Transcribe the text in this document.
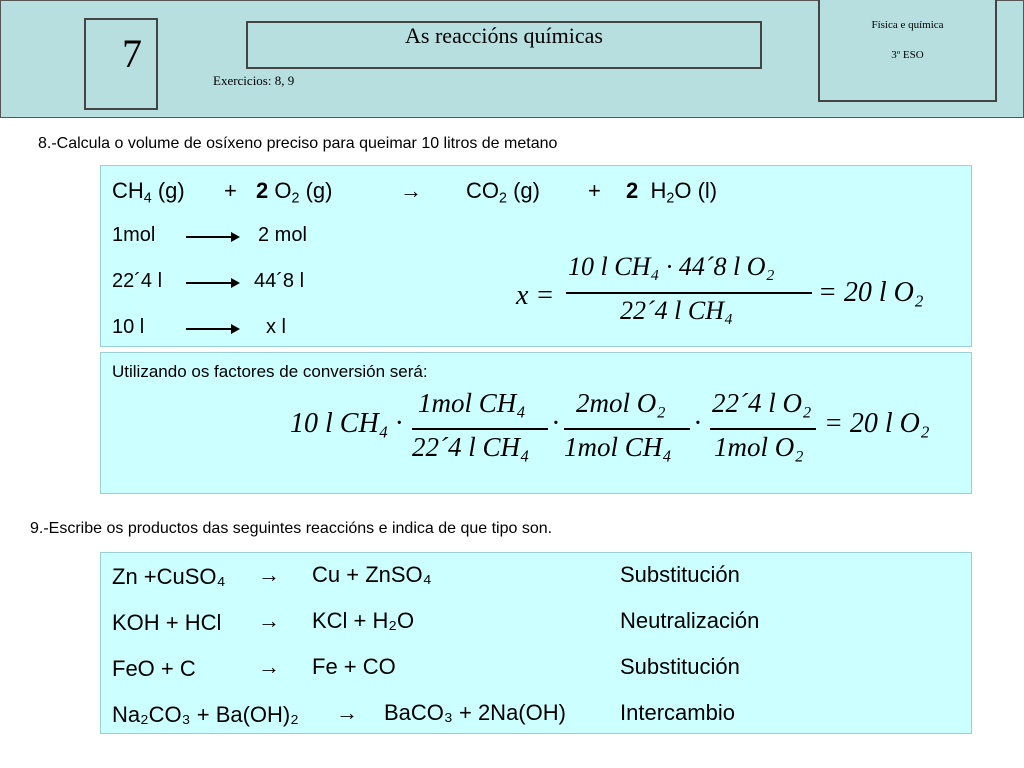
7	As reaccións químicas
Exercicios: 8, 9
Física e química
3º ESO
8.-Calcula o volume de osíxeno preciso para queimar 10 litros de metano
$CH_4$ (g) + 2 $O_2$ (g)	→ $CO_2$ (g) + 2 $H_2O$ (l)
1mol	2 mol
22´4 l	44´8 l
10 l	x l
x =
10 l CH₄ · 44´8 l O₂
22´4 l CH₄
= 20 l O₂
Utilizando os factores de conversión será:
10 l CH₄ ·
1mol CH₄
22´4 l CH₄
·
2mol O₂
1mol CH₄
·
22´4 l O₂
1mol O₂
= 20 l O₂
9.-Escribe os productos das seguintes reaccións e indica de que tipo son.
Zn +CuSO₄ → Cu + ZnSO₄	Substitución
KOH + HCl → KCl + H₂O	Neutralización
FeO + C	→ Fe + CO	Substitución
Na₂CO₃ + Ba(OH)₂ → BaCO₃ + 2Na(OH) Intercambio
